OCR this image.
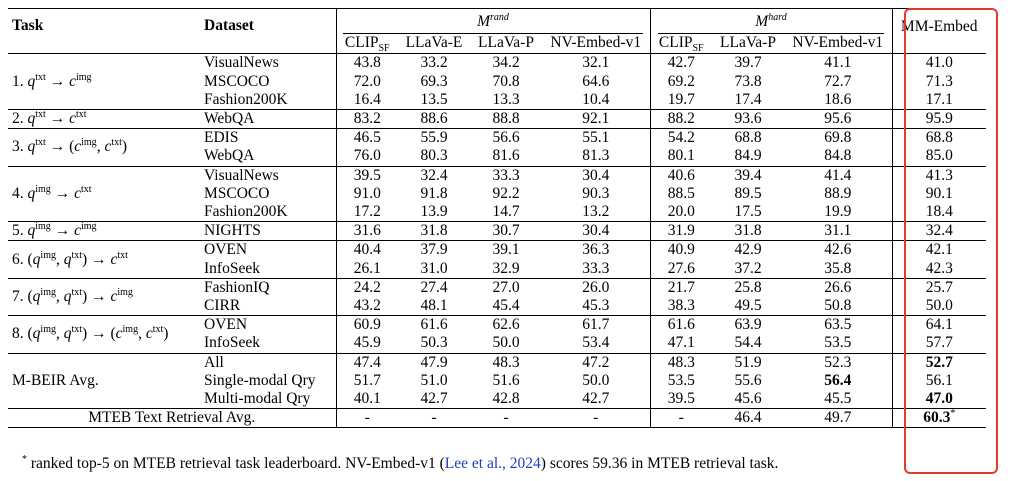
Task	Dataset	$M^{rand}$				$M^{hard}$			MM-Embed
		$CLIP_{SF}$	LLaVa-E	LLaVa-P	NV-Embed-v1	$CLIP_{SF}$	LLaVa-P	NV-Embed-v1	
1. $q^{txt} \to c^{img}$	VisualNews	43.8	33.2	34.2	32.1	42.7	39.7	41.1	41.0
	MSCOCO	72.0	69.3	70.8	64.6	69.2	73.8	72.7	71.3
	Fashion200K	16.4	13.5	13.3	10.4	19.7	17.4	18.6	17.1
2. $q^{txt} \to c^{txt}$	WebQA	83.2	88.6	88.8	92.1	88.2	93.6	95.6	95.9
3. $q^{txt} \to (c^{img}$, $c^{txt}$)	EDIS	46.5	55.9	56.6	55.1	54.2	68.8	69.8	68.8
	WebQA	76.0	80.3	81.6	81.3	80.1	84.9	84.8	85.0
4. $q^{img} \to c^{txt}$	VisualNews	39.5	32.4	33.3	30.4	40.6	39.4	41.4	41.3
	MSCOCO	91.0	91.8	92.2	90.3	88.5	89.5	88.9	90.1
	Fashion200K	17.2	13.9	14.7	13.2	20.0	17.5	19.9	18.4
5. $q^{img} \to c^{img}$	NIGHTS	31.6	31.8	30.7	30.4	31.9	31.8	31.1	32.4
6. ($q^{img}$, $q^{txt}) \to c^{txt}$	OVEN	40.4	37.9	39.1	36.3	40.9	42.9	42.6	42.1
	InfoSeek	26.1	31.0	32.9	33.3	27.6	37.2	35.8	42.3
7. ($q^{img}$, $q^{txt}) \to c^{img}$	FashionIQ	24.2	27.4	27.0	26.0	21.7	25.8	26.6	25.7
	CIRR	43.2	48.1	45.4	45.3	38.3	49.5	50.8	50.0
8. ($q^{img}$, $q^{txt}) \to (c^{img}$, $c^{txt}$)	OVEN	60.9	61.6	62.6	61.7	61.6	63.9	63.5	64.1
	InfoSeek	45.9	50.3	50.0	53.4	47.1	54.4	53.5	57.7
M-BEIR Avg.	All	47.4	47.9	48.3	47.2	48.3	51.9	52.3	52.7
	Single-modal Qry	51.7	51.0	51.6	50.0	53.5	55.6	56.4	56.1
	Multi-modal Qry	40.1	42.7	42.8	42.7	39.5	45.6	45.5	47.0
MTEB Text Retrieval Avg.		-	-	-	-	-	46.4	49.7	60.3*
* ranked top-5 on MTEB retrieval task leaderboard. NV-Embed-v1 (Lee et al., 2024) scores 59.36 in MTEB retrieval task.
